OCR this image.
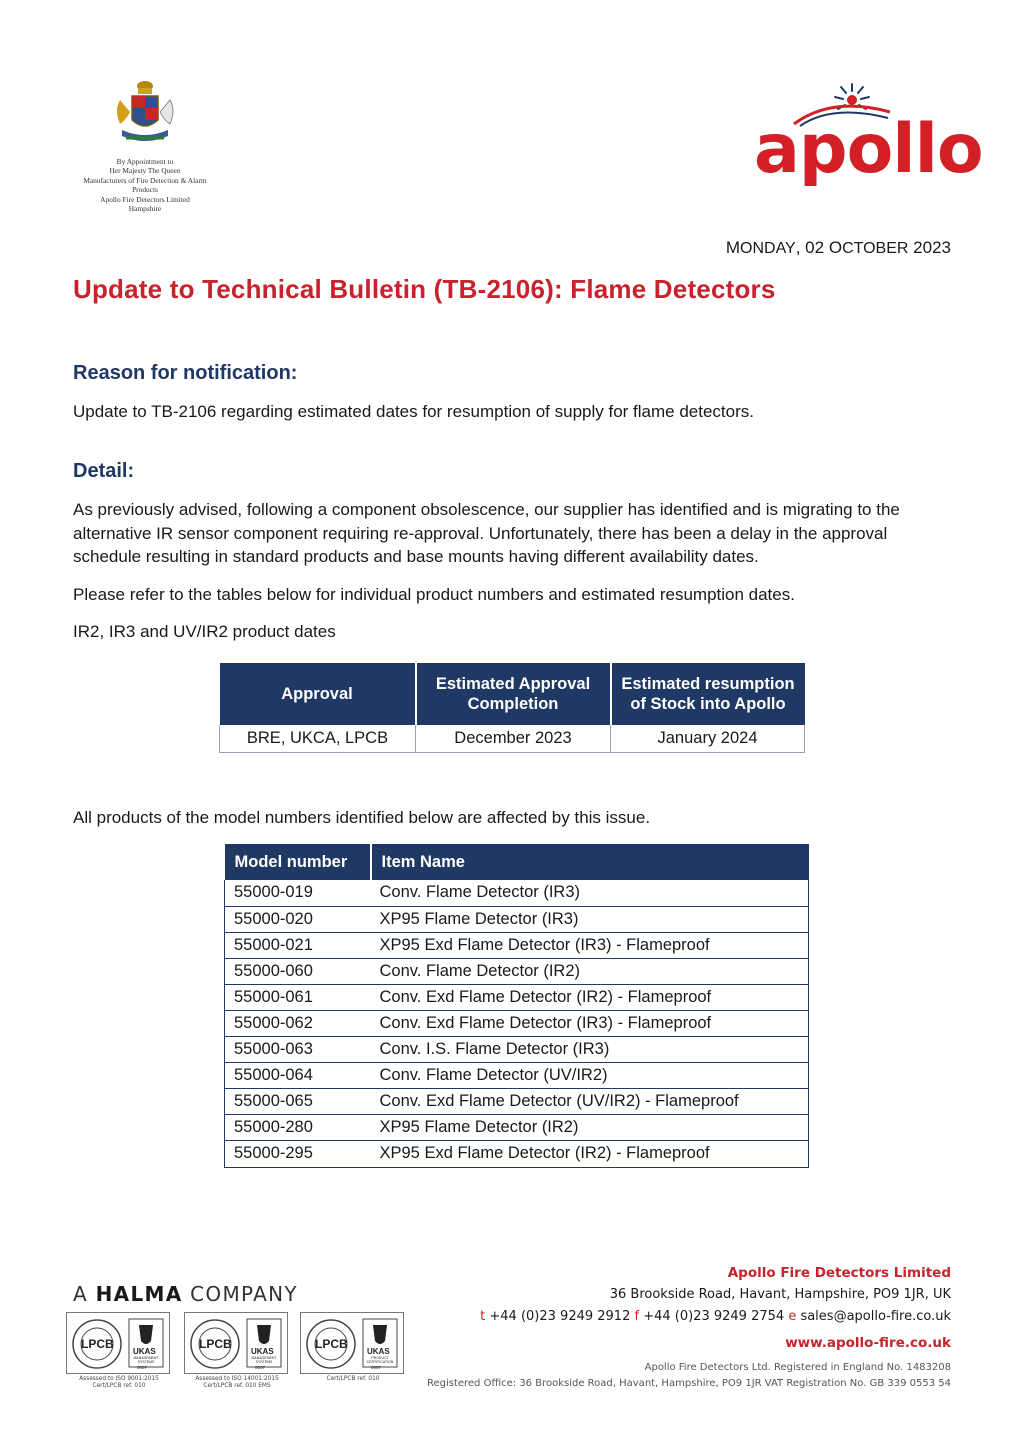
By Appointment to
Her Majesty The Queen
Manufacturers of Fire Detection & Alarm Products
Apollo Fire Detectors Limited
Hampshire
apollo
MONDAY, 02 OCTOBER 2023
Update to Technical Bulletin (TB-2106): Flame Detectors
Reason for notification:
Update to TB-2106 regarding estimated dates for resumption of supply for flame detectors.
Detail:
As previously advised, following a component obsolescence, our supplier has identified and is migrating to the alternative IR sensor component requiring re-approval. Unfortunately, there has been a delay in the approval schedule resulting in standard products and base mounts having different availability dates.
Please refer to the tables below for individual product numbers and estimated resumption dates.
IR2, IR3 and UV/IR2 product dates
Approval	Estimated Approval Completion	Estimated resumption of Stock into Apollo
BRE, UKCA, LPCB	December 2023	January 2024
All products of the model numbers identified below are affected by this issue.
Model number	Item Name
55000-019	Conv. Flame Detector (IR3)
55000-020	XP95 Flame Detector (IR3)
55000-021	XP95 Exd Flame Detector (IR3) - Flameproof
55000-060	Conv. Flame Detector (IR2)
55000-061	Conv. Exd Flame Detector (IR2) - Flameproof
55000-062	Conv. Exd Flame Detector (IR3) - Flameproof
55000-063	Conv. I.S. Flame Detector (IR3)
55000-064	Conv. Flame Detector (UV/IR2)
55000-065	Conv. Exd Flame Detector (UV/IR2) - Flameproof
55000-280	XP95 Flame Detector (IR2)
55000-295	XP95 Exd Flame Detector (IR2) - Flameproof
A HALMA COMPANY
LPCB
UKAS
MANAGEMENT SYSTEMS
0007
Assessed to ISO 9001:2015
Cert/LPCB ref. 010
LPCB
UKAS
MANAGEMENT SYSTEMS
0007
Assessed to ISO 14001:2015
Cert/LPCB ref. 010 EMS
LPCB
UKAS
PRODUCT CERTIFICATION
0007
Cert/LPCB ref. 010
Apollo Fire Detectors Limited
36 Brookside Road, Havant, Hampshire, PO9 1JR, UK
t +44 (0)23 9249 2912 f +44 (0)23 9249 2754 e sales@apollo-fire.co.uk
www.apollo-fire.co.uk
Apollo Fire Detectors Ltd. Registered in England No. 1483208
Registered Office: 36 Brookside Road, Havant, Hampshire, PO9 1JR VAT Registration No. GB 339 0553 54
